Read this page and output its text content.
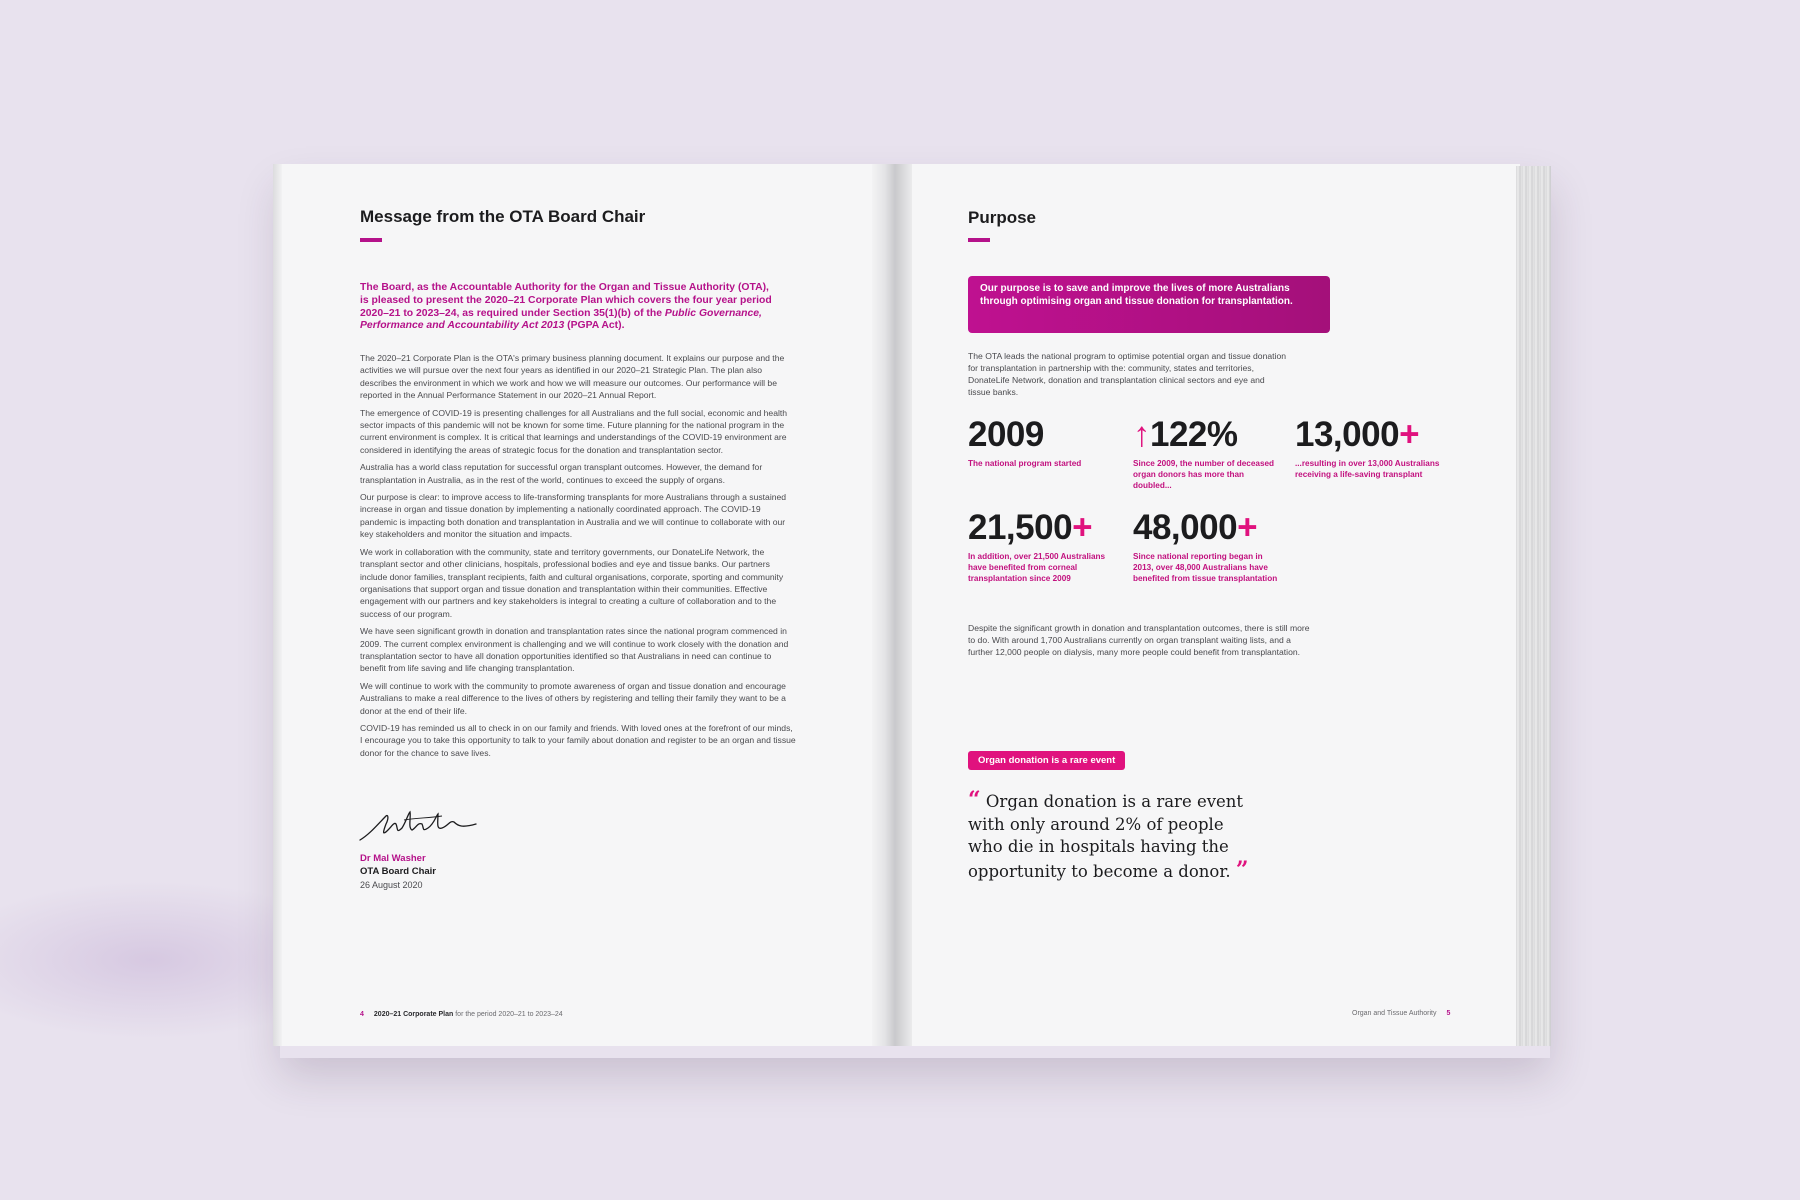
Message from the OTA Board Chair

The Board, as the Accountable Authority for the Organ and Tissue Authority (OTA), is pleased to present the 2020–21 Corporate Plan which covers the four year period 2020–21 to 2023–24, as required under Section 35(1)(b) of the Public Governance, Performance and Accountability Act 2013 (PGPA Act).

The 2020–21 Corporate Plan is the OTA's primary business planning document. It explains our purpose and the activities we will pursue over the next four years as identified in our 2020–21 Strategic Plan. The plan also describes the environment in which we work and how we will measure our outcomes. Our performance will be reported in the Annual Performance Statement in our 2020–21 Annual Report.

The emergence of COVID-19 is presenting challenges for all Australians and the full social, economic and health sector impacts of this pandemic will not be known for some time. Future planning for the national program in the current environment is complex. It is critical that learnings and understandings of the COVID-19 environment are considered in identifying the areas of strategic focus for the donation and transplantation sector.

Australia has a world class reputation for successful organ transplant outcomes. However, the demand for transplantation in Australia, as in the rest of the world, continues to exceed the supply of organs.

Our purpose is clear: to improve access to life-transforming transplants for more Australians through a sustained increase in organ and tissue donation by implementing a nationally coordinated approach. The COVID-19 pandemic is impacting both donation and transplantation in Australia and we will continue to collaborate with our key stakeholders and monitor the situation and impacts.

We work in collaboration with the community, state and territory governments, our DonateLife Network, the transplant sector and other clinicians, hospitals, professional bodies and eye and tissue banks. Our partners include donor families, transplant recipients, faith and cultural organisations, corporate, sporting and community organisations that support organ and tissue donation and transplantation within their communities. Effective engagement with our partners and key stakeholders is integral to creating a culture of collaboration and to the success of our program.

We have seen significant growth in donation and transplantation rates since the national program commenced in 2009. The current complex environment is challenging and we will continue to work closely with the donation and transplantation sector to have all donation opportunities identified so that Australians in need can continue to benefit from life saving and life changing transplantation.

We will continue to work with the community to promote awareness of organ and tissue donation and encourage Australians to make a real difference to the lives of others by registering and telling their family they want to be a donor at the end of their life.

COVID-19 has reminded us all to check in on our family and friends. With loved ones at the forefront of our minds, I encourage you to take this opportunity to talk to your family about donation and register to be an organ and tissue donor for the chance to save lives.

Dr Mal Washer
OTA Board Chair
26 August 2020
4 2020–21 Corporate Plan for the period 2020–21 to 2023–24
Purpose
Our purpose is to save and improve the lives of more Australians through optimising organ and tissue donation for transplantation.

The OTA leads the national program to optimise potential organ and tissue donation for transplantation in partnership with the: community, states and territories, DonateLife Network, donation and transplantation clinical sectors and eye and tissue banks.

2009
The national program started
↑122%
Since 2009, the number of deceased organ donors has more than doubled...
13,000+
...resulting in over 13,000 Australians receiving a life-saving transplant
21,500+
In addition, over 21,500 Australians have benefited from corneal transplantation since 2009
48,000+
Since national reporting began in 2013, over 48,000 Australians have benefited from tissue transplantation

Despite the significant growth in donation and transplantation outcomes, there is still more to do. With around 1,700 Australians currently on organ transplant waiting lists, and a further 12,000 people on dialysis, many more people could benefit from transplantation.

Organ donation is a rare event

“ Organ donation is a rare event with only around 2% of people who die in hospitals having the opportunity to become a donor. ”

Organ and Tissue Authority 5
